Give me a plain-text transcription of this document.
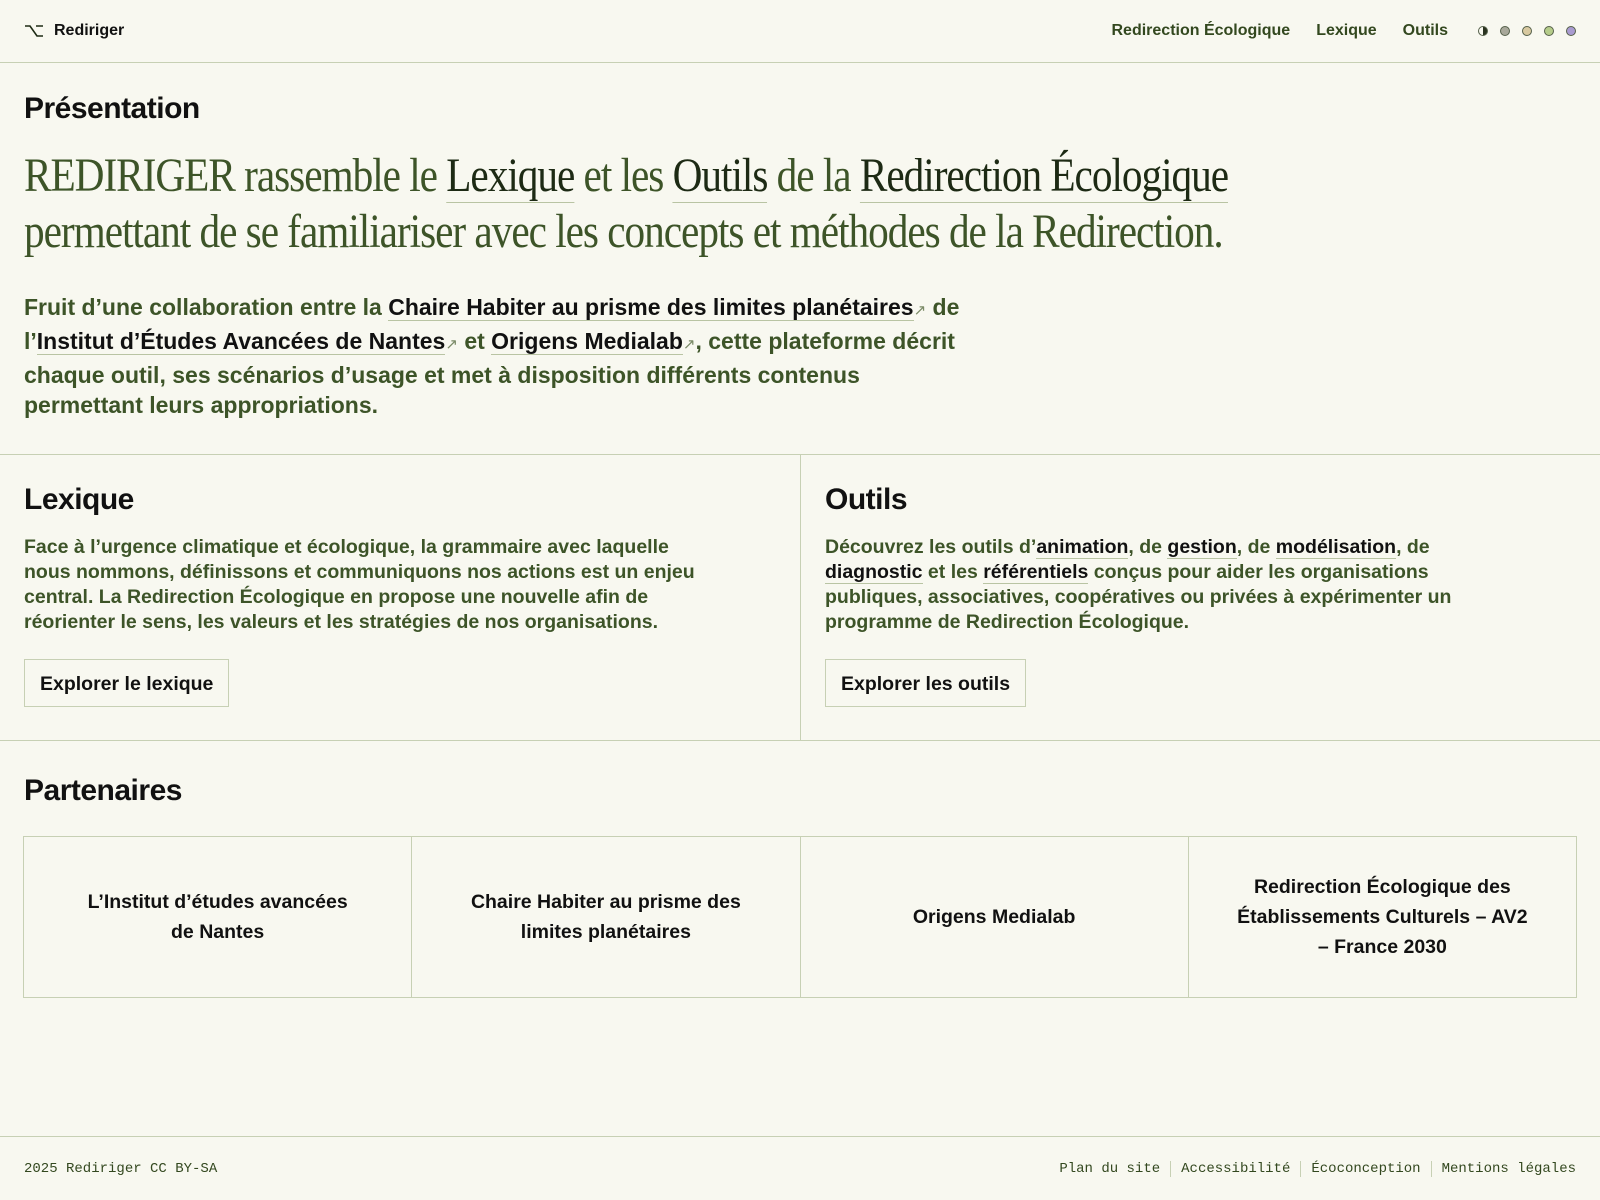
Rediriger	Redirection Écologique Lexique Outils
Présentation

REDIRIGER rassemble le Lexique et les Outils de la Redirection Écologique permettant de se familiariser avec les concepts et méthodes de la Redirection.

Fruit d’une collaboration entre la Chaire Habiter au prisme des limites planétaires↗ de l’Institut d’Études Avancées de Nantes↗ et Origens Medialab↗, cette plateforme décrit chaque outil, ses scénarios d’usage et met à disposition différents contenus permettant leurs appropriations.

Lexique

Face à l’urgence climatique et écologique, la grammaire avec laquelle nous nommons, définissons et communiquons nos actions est un enjeu central. La Redirection Écologique en propose une nouvelle afin de réorienter le sens, les valeurs et les stratégies de nos organisations.

Explorer le lexique
Outils

Découvrez les outils d’animation, de gestion, de modélisation, de diagnostic et les référentiels conçus pour aider les organisations publiques, associatives, coopératives ou privées à expérimenter un programme de Redirection Écologique.

Explorer les outils
Partenaires
L’Institut d’études avancées de Nantes
Chaire Habiter au prisme des limites planétaires
Origens Medialab
Redirection Écologique des Établissements Culturels – AV2 – France 2030
2025 Rediriger CC BY-SA	Plan du site	Accessibilité	Écoconception	Mentions légales
